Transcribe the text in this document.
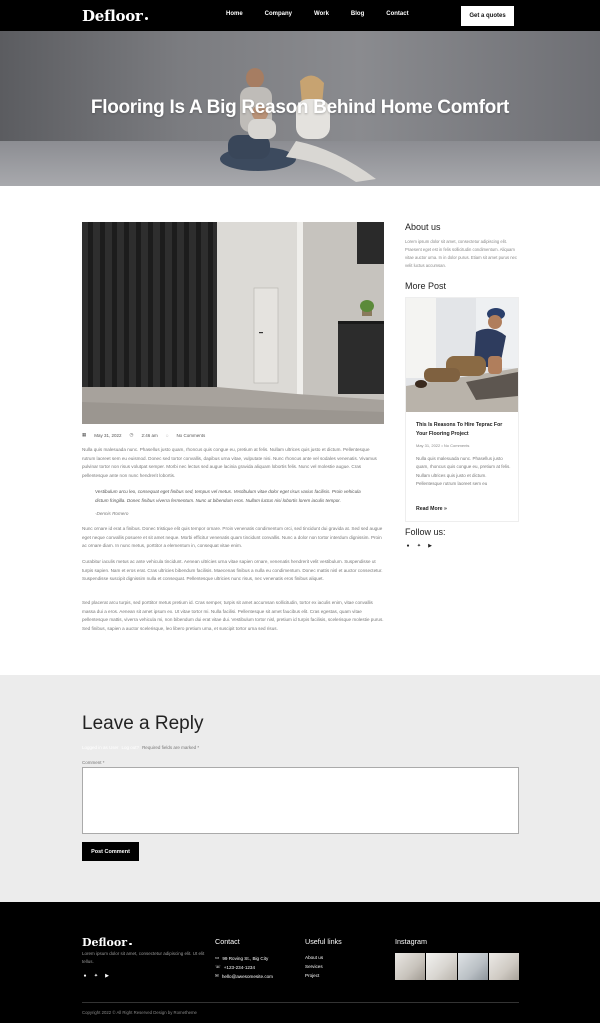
Defloor	Home	Company	Work	Blog	Contact	Get a quotes
Flooring Is A Big Reason Behind Home Comfort
▦ May 31, 2022 ◷ 2:46 am ◌ No Comments
Nulla quis malesuada nunc. Phasellus justo quam, rhoncus quis congue eu, pretium at felis. Nullam ultrices quis justo et dictum. Pellentesque rutrum laoreet sem eu euismod. Donec sed tortor convallis, dapibus urna vitae, vulputate nisi. Nunc rhoncus ante vel sodales venenatis. Vivamus pulvinar tortor non risus volutpat semper. Morbi nec lectus sed augue lacinia gravida aliquam lobortis felis. Nunc vel molestie augue. Cras pellentesque ante non nunc hendrerit lobortis.
Vestibulum arcu leo, consequat eget finibus sed, tempus vel metus. Vestibulum vitae dolor eget risus varius facilisis. Proin vehicula dictum fringilla. Donec finibus viverra fermentum. Nunc ut bibendum eros. Nullam luctus nisi lobortis lorem iaculis tempor.
-Dennis Romero
Nunc ornare id erat a finibus. Donec tristique elit quis tempor ornare. Proin venenatis condimentum orci, sed tincidunt dui gravida at. Sed sed augue eget neque convallis posuere et sit amet neque. Morbi efficitur venenatis quam tincidunt convallis. Nunc a dolor non tortor interdum dignissim. Proin ac ornare diam. In nunc metus, porttitor a elementum in, consequat vitae enim.
Curabitur iaculis metus ac ante vehicula tincidunt. Aenean ultricies urna vitae sapien ornare, venenatis hendrerit velit vestibulum. Suspendisse ut turpis sapien. Nam et eros erat. Cras ultricies bibendum facilisis. Maecenas finibus a nulla eu condimentum. Donec mattis nisl et auctor consectetur. Suspendisse suscipit dignissim nulla et consequat. Pellentesque ultricies nunc risus, nec venenatis eros finibus aliquet.
Sed placerat arcu turpis, sed porttitor metus pretium id. Cras semper, turpis sit amet accumsan sollicitudin, tortor ex iaculis enim, vitae convallis massa dui a eros. Aenean sit amet ipsum ex. Ut vitae tortor mi. Nulla facilisi. Pellentesque sit amet faucibus elit. Cras egestas, quam vitae pellentesque mattis, viverra vehicula mi, non bibendum dui erat vitae dui. Vestibulum tortor nisl, pretium id turpis facilisis, scelerisque molestie purus. Sed finibus, sapien a auctor scelerisque, leo libero pretium urna, et suscipit tortor urna sed risus.
About us
Lorem ipsum dolor sit amet, consectetur adipiscing elit. Praesent eget est in felis sollicitudin condimentum. Aliquam vitae auctor urna. In in dolor purus. Etiam sit amet purus nec velit luctus accumsan.
More Post
This Is Reasons To Hire Teprac For Your Flooring Project
May 31, 2022 • No Comments
Nulla quis malesuada nunc. Phasellus justo quam, rhoncus quis congue eu, pretium at felis. Nullam ultrices quis justo et dictum. Pellentesque rutrum laoreet sem eu
Read More »
Follow us:
● ✦ ▶
Leave a Reply
Logged in as User Log out? Required fields are marked *
Comment *
Post Comment
Defloor
Lorem ipsum dolor sit amet, consectetur adipiscing elit. Ut elit tellus.
● ✦ ▶
Contact
▭ 99 Roving St., Big City
☏ +123-234-1234
✉ hello@awesomesite.com
Useful links
About us
Services
Project
Instagram
Copyright 2022 © All Right Reserved Design by Rometheme
